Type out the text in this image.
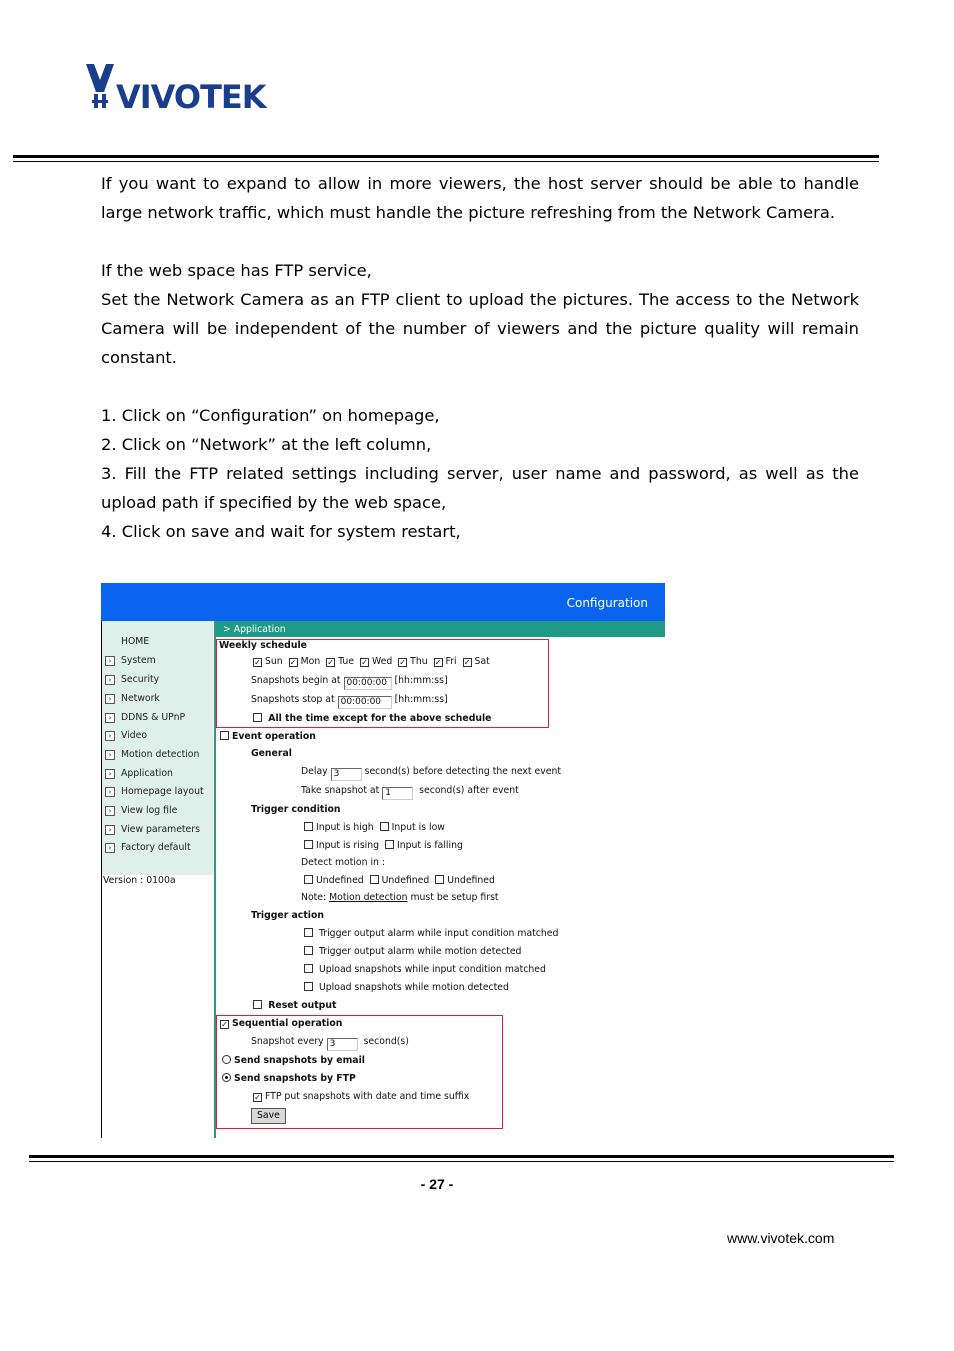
VIVOTEK

If you want to expand to allow in more viewers, the host server should be able to handle large network traffic, which must handle the picture refreshing from the Network Camera.

If the web space has FTP service,

Set the Network Camera as an FTP client to upload the pictures. The access to the Network Camera will be independent of the number of viewers and the picture quality will remain constant.

1. Click on “Configuration” on homepage,

2. Click on “Network” at the left column,

3. Fill the FTP related settings including server, user name and password, as well as the upload path if specified by the web space,

4. Click on save and wait for system restart,

Configuration
> Application
HOME
›	System
›	Security
›	Network
›	DDNS & UPnP
›	Video
›	Motion detection
›	Application
›	Homepage layout
›	View log file
›	View parameters
›	Factory default
Version : 0100a
Weekly schedule
✓ Sun ✓ Mon ✓ Tue ✓ Wed ✓ Thu ✓ Fri ✓ Sat
Snapshots begin at 00:00:00 [hh:mm:ss]
Snapshots stop at 00:00:00 [hh:mm:ss]
All the time except for the above schedule
Event operation
General
Delay 3	second(s) before detecting the next event
Take snapshot at 1	second(s) after event
Trigger condition
Input is high Input is low
Input is rising Input is falling
Detect motion in :
Undefined Undefined Undefined
Note: Motion detection must be setup first
Trigger action
Trigger output alarm while input condition matched
Trigger output alarm while motion detected
Upload snapshots while input condition matched
Upload snapshots while motion detected
Reset output
✓ Sequential operation
Snapshot every 3	second(s)
Send snapshots by email
Send snapshots by FTP
✓ FTP put snapshots with date and time suffix
Save
- 27 -
www.vivotek.com
